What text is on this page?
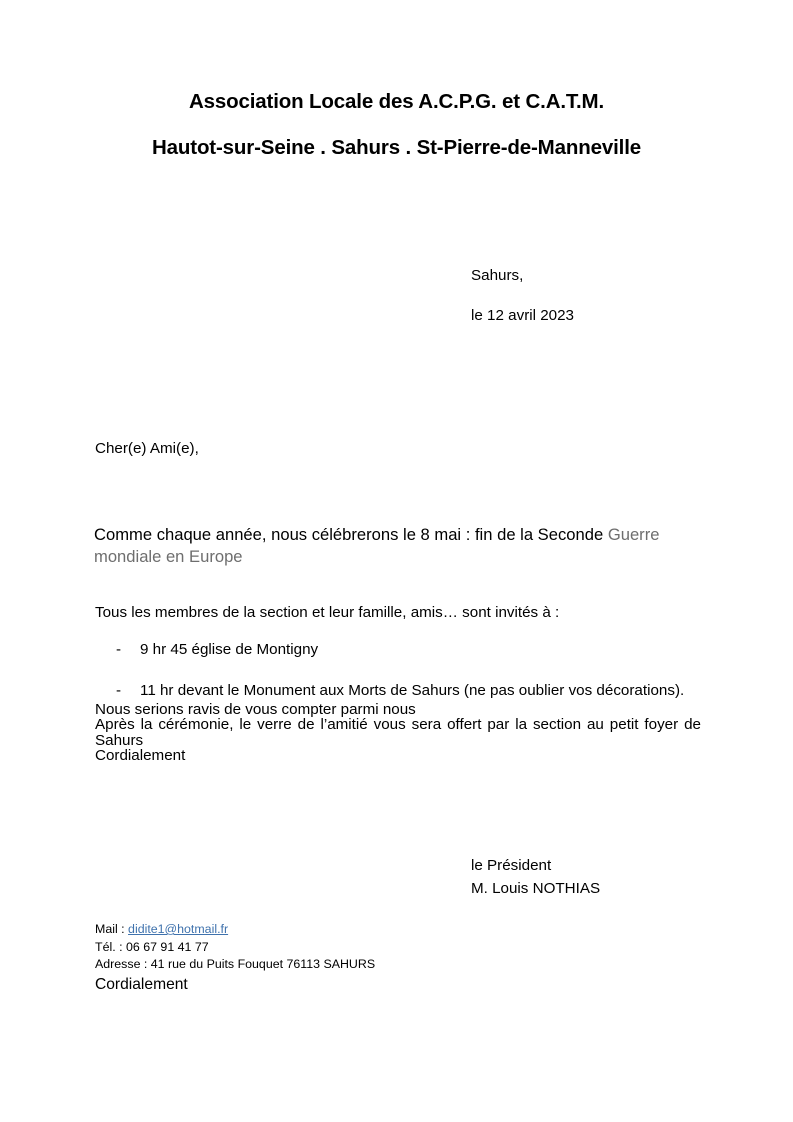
Association Locale des A.C.P.G. et C.A.T.M.
Hautot-sur-Seine . Sahurs . St-Pierre-de-Manneville
Sahurs,
le 12 avril 2023
Cher(e) Ami(e),
Comme chaque année, nous célébrerons le 8 mai : fin de la Seconde Guerre mondiale en Europe

Tous les membres de la section et leur famille, amis… sont invités à :

- 9 hr 45 église de Montigny
- 11 hr devant le Monument aux Morts de Sahurs (ne pas oublier vos décorations).

Nous serions ravis de vous compter parmi nous

Après la cérémonie, le verre de l’amitié vous sera offert par la section au petit foyer de Sahurs

Cordialement

le Président
M. Louis NOTHIAS
Mail : didite1@hotmail.fr
Tél. : 06 67 91 41 77
Adresse : 41 rue du Puits Fouquet 76113 SAHURS
Cordialement
